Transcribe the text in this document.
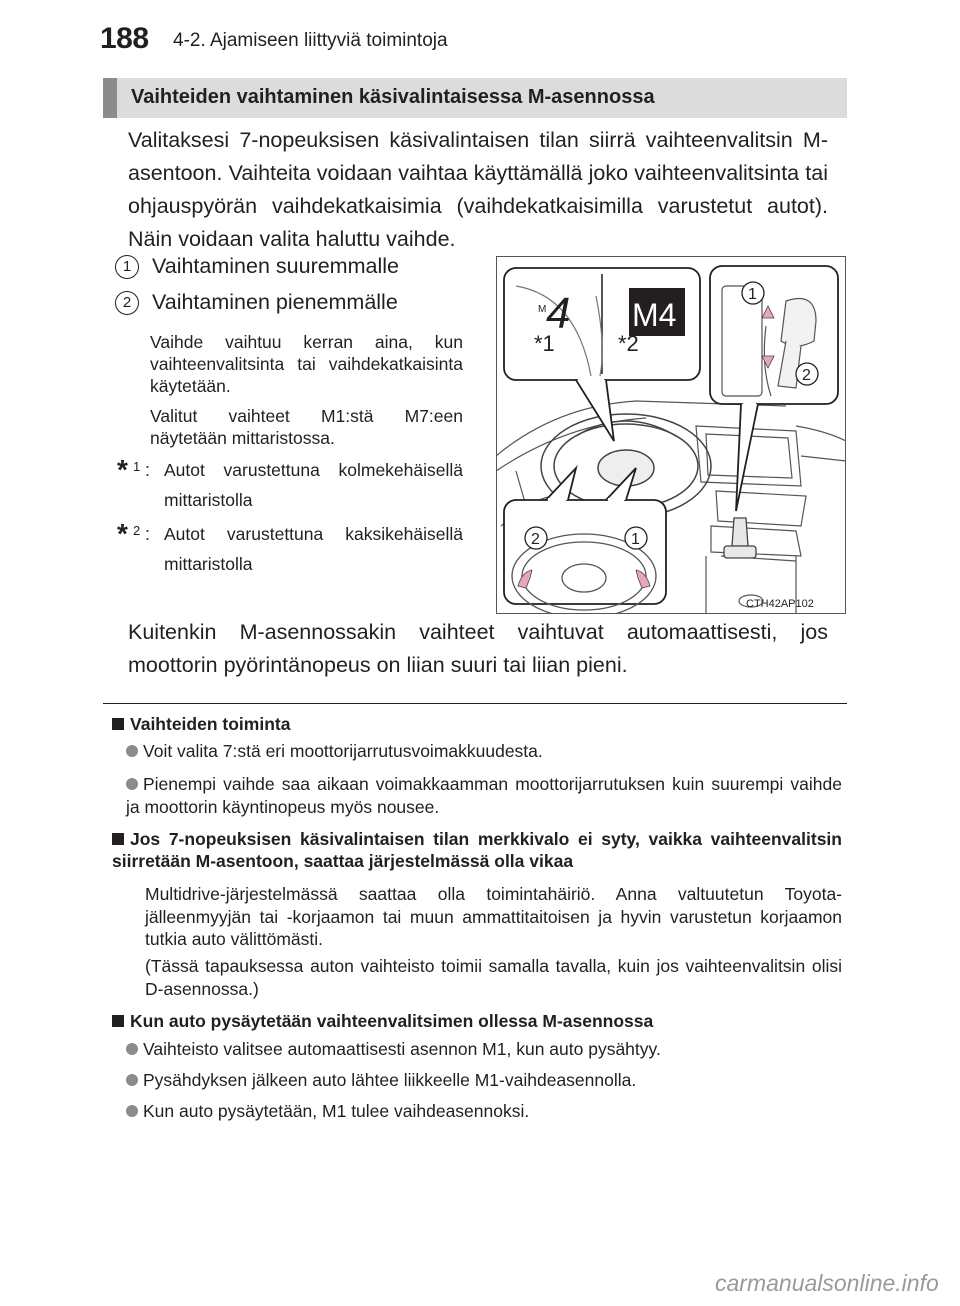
188 4-2. Ajamiseen liittyviä toimintoja
Vaihteiden vaihtaminen käsivalintaisessa M-asennossa
Valitaksesi 7-nopeuksisen käsivalintaisen tilan siirrä vaihteenvalitsin M-asentoon. Vaihteita voidaan vaihtaa käyttämällä joko vaihteenvalitsinta tai ohjauspyörän vaihdekatkaisimia (vaihdekatkaisimilla varustetut autot). Näin voidaan valita haluttu vaihde.
1 Vaihtaminen suuremmalle
2 Vaihtaminen pienemmälle
Vaihde vaihtuu kerran aina, kun vaihteenvalitsinta tai vaihdekatkaisinta käytetään.
Valitut vaihteet M1:stä M7:een näytetään mittaristossa.
* 1 : Autot varustettuna kolmekehäisellä mittaristolla
* 2 : Autot varustettuna kaksikehäisellä mittaristolla
M 4 M4
*1	*2
1
2
2	1
CTH42AP102
Kuitenkin M-asennossakin vaihteet vaihtuvat automaattisesti, jos moottorin pyörintänopeus on liian suuri tai liian pieni.
Vaihteiden toiminta
Voit valita 7:stä eri moottorijarrutusvoimakkuudesta.
Pienempi vaihde saa aikaan voimakkaamman moottorijarrutuksen kuin suurempi vaihde ja moottorin käyntinopeus myös nousee.
Jos 7-nopeuksisen käsivalintaisen tilan merkkivalo ei syty, vaikka vaihteenvalitsin siirretään M-asentoon, saattaa järjestelmässä olla vikaa
Multidrive-järjestelmässä saattaa olla toimintahäiriö. Anna valtuutetun Toyota-jälleenmyyjän tai -korjaamon tai muun ammattitaitoisen ja hyvin varustetun korjaamon tutkia auto välittömästi.
(Tässä tapauksessa auton vaihteisto toimii samalla tavalla, kuin jos vaihteenvalitsin olisi D-asennossa.)
Kun auto pysäytetään vaihteenvalitsimen ollessa M-asennossa
Vaihteisto valitsee automaattisesti asennon M1, kun auto pysähtyy.
Pysähdyksen jälkeen auto lähtee liikkeelle M1-vaihdeasennolla.
Kun auto pysäytetään, M1 tulee vaihdeasennoksi.
carmanualsonline.info
